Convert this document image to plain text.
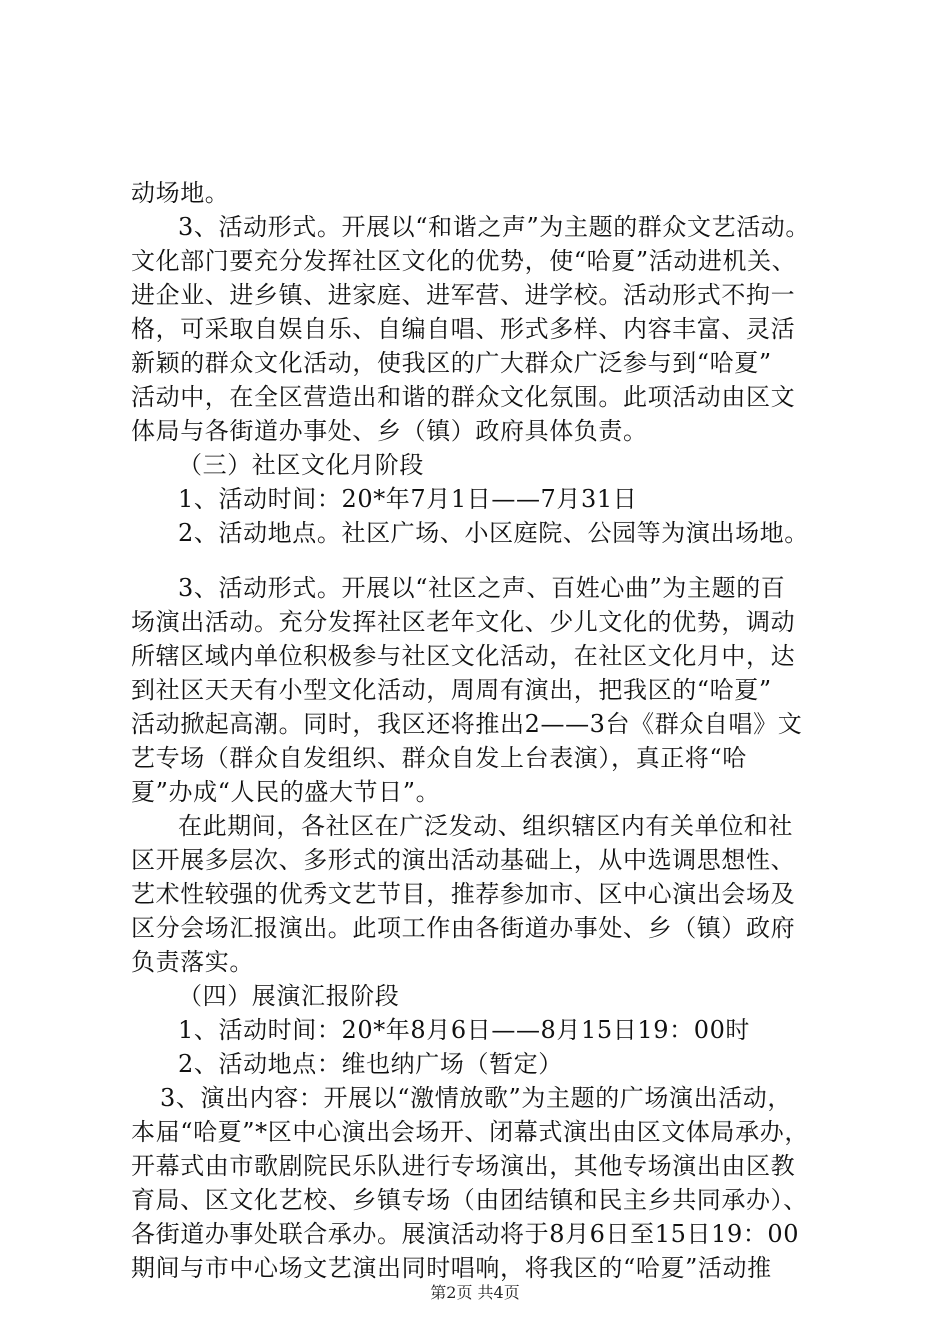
动场地。
3、活动形式。开展以“和谐之声”为主题的群众文艺活动。
文化部门要充分发挥社区文化的优势，使“哈夏”活动进机关、
进企业、进乡镇、进家庭、进军营、进学校。活动形式不拘一
格，可采取自娱自乐、自编自唱、形式多样、内容丰富、灵活
新颖的群众文化活动，使我区的广大群众广泛参与到“哈夏”
活动中，在全区营造出和谐的群众文化氛围。此项活动由区文
体局与各街道办事处、乡（镇）政府具体负责。
（三）社区文化月阶段
1、活动时间：20*年7月1日——7月31日
2、活动地点。社区广场、小区庭院、公园等为演出场地。
3、活动形式。开展以“社区之声、百姓心曲”为主题的百
场演出活动。充分发挥社区老年文化、少儿文化的优势，调动
所辖区域内单位积极参与社区文化活动，在社区文化月中，达
到社区天天有小型文化活动，周周有演出，把我区的“哈夏”
活动掀起高潮。同时，我区还将推出2——3台《群众自唱》文
艺专场（群众自发组织、群众自发上台表演），真正将“哈
夏”办成“人民的盛大节日”。
在此期间，各社区在广泛发动、组织辖区内有关单位和社
区开展多层次、多形式的演出活动基础上，从中选调思想性、
艺术性较强的优秀文艺节目，推荐参加市、区中心演出会场及
区分会场汇报演出。此项工作由各街道办事处、乡（镇）政府
负责落实。
（四）展演汇报阶段
1、活动时间：20*年8月6日——8月15日19：00时
2、活动地点：维也纳广场（暂定）
3、演出内容：开展以“激情放歌”为主题的广场演出活动，
本届“哈夏”*区中心演出会场开、闭幕式演出由区文体局承办，
开幕式由市歌剧院民乐队进行专场演出，其他专场演出由区教
育局、区文化艺校、乡镇专场（由团结镇和民主乡共同承办）、
各街道办事处联合承办。展演活动将于8月6日至15日19：00
期间与市中心场文艺演出同时唱响，将我区的“哈夏”活动推
第2页 共4页
